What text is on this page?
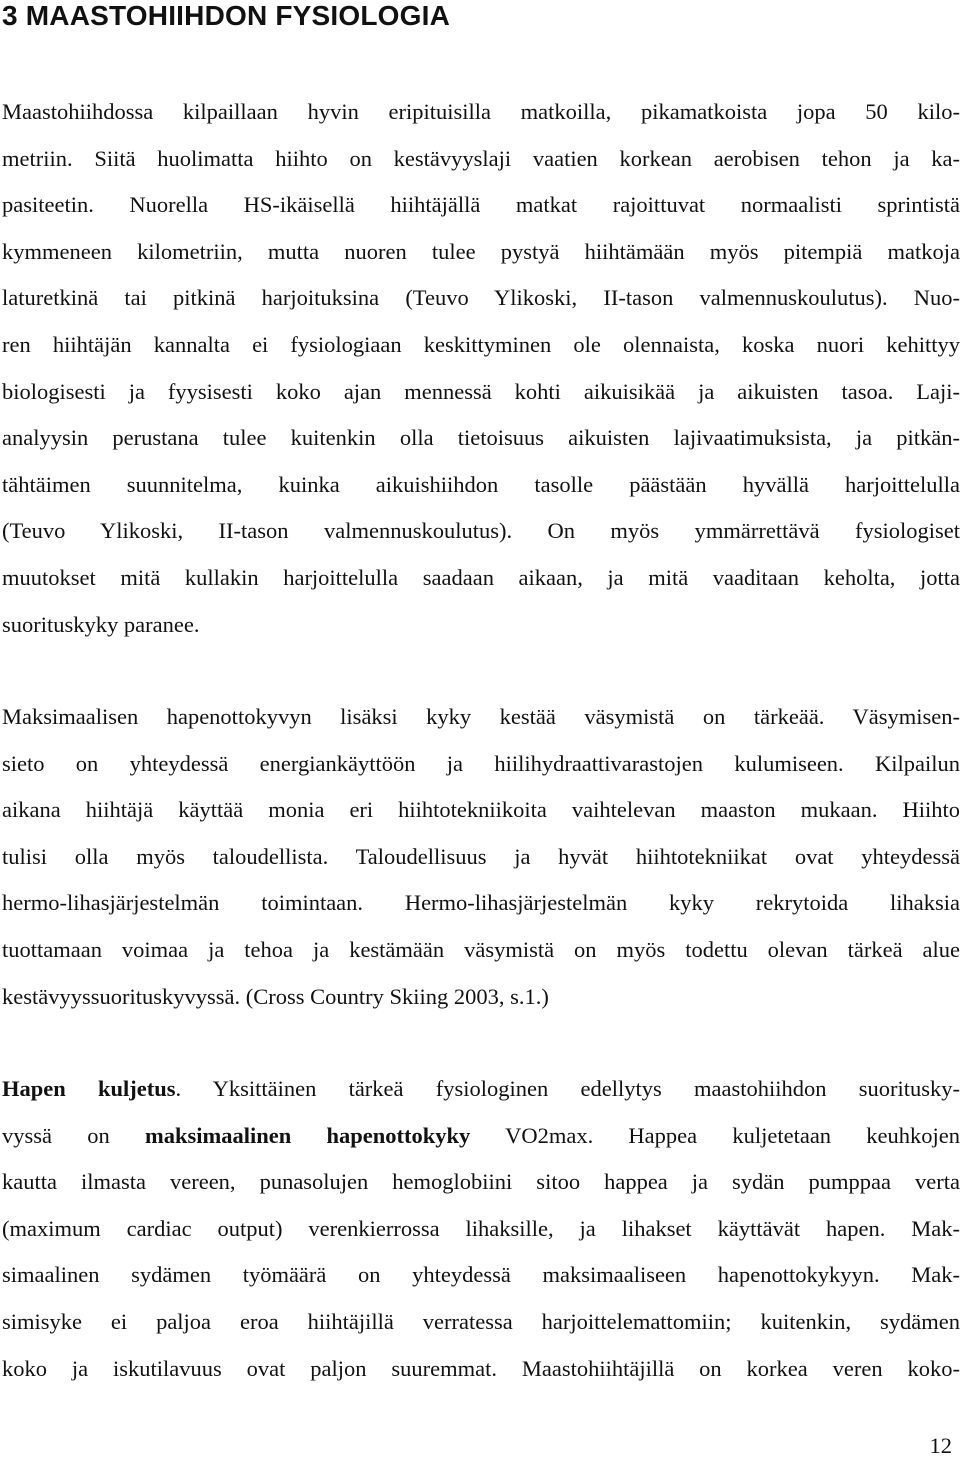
3 MAASTOHIIHDON FYSIOLOGIA
Maastohiihdossa kilpaillaan hyvin eripituisilla matkoilla, pikamatkoista jopa 50 kilo-
metriin. Siitä huolimatta hiihto on kestävyyslaji vaatien korkean aerobisen tehon ja ka-
pasiteetin. Nuorella HS-ikäisellä hiihtäjällä matkat rajoittuvat normaalisti sprintistä
kymmeneen kilometriin, mutta nuoren tulee pystyä hiihtämään myös pitempiä matkoja
laturetkinä tai pitkinä harjoituksina (Teuvo Ylikoski, II-tason valmennuskoulutus). Nuo-
ren hiihtäjän kannalta ei fysiologiaan keskittyminen ole olennaista, koska nuori kehittyy
biologisesti ja fyysisesti koko ajan mennessä kohti aikuisikää ja aikuisten tasoa. Laji-
analyysin perustana tulee kuitenkin olla tietoisuus aikuisten lajivaatimuksista, ja pitkän-
tähtäimen suunnitelma, kuinka aikuishiihdon tasolle päästään hyvällä harjoittelulla
(Teuvo Ylikoski, II-tason valmennuskoulutus). On myös ymmärrettävä fysiologiset
muutokset mitä kullakin harjoittelulla saadaan aikaan, ja mitä vaaditaan keholta, jotta
suorituskyky paranee.
Maksimaalisen hapenottokyvyn lisäksi kyky kestää väsymistä on tärkeää. Väsymisen-
sieto on yhteydessä energiankäyttöön ja hiilihydraattivarastojen kulumiseen. Kilpailun
aikana hiihtäjä käyttää monia eri hiihtotekniikoita vaihtelevan maaston mukaan. Hiihto
tulisi olla myös taloudellista. Taloudellisuus ja hyvät hiihtotekniikat ovat yhteydessä
hermo-lihasjärjestelmän toimintaan. Hermo-lihasjärjestelmän kyky rekrytoida lihaksia
tuottamaan voimaa ja tehoa ja kestämään väsymistä on myös todettu olevan tärkeä alue
kestävyyssuorituskyvyssä. (Cross Country Skiing 2003, s.1.)
Hapen kuljetus. Yksittäinen tärkeä fysiologinen edellytys maastohiihdon suoritusky-
vyssä on maksimaalinen hapenottokyky VO2max. Happea kuljetetaan keuhkojen
kautta ilmasta vereen, punasolujen hemoglobiini sitoo happea ja sydän pumppaa verta
(maximum cardiac output) verenkierrossa lihaksille, ja lihakset käyttävät hapen. Mak-
simaalinen sydämen työmäärä on yhteydessä maksimaaliseen hapenottokykyyn. Mak-
simisyke ei paljoa eroa hiihtäjillä verratessa harjoittelemattomiin; kuitenkin, sydämen
koko ja iskutilavuus ovat paljon suuremmat. Maastohiihtäjillä on korkea veren koko-

12
